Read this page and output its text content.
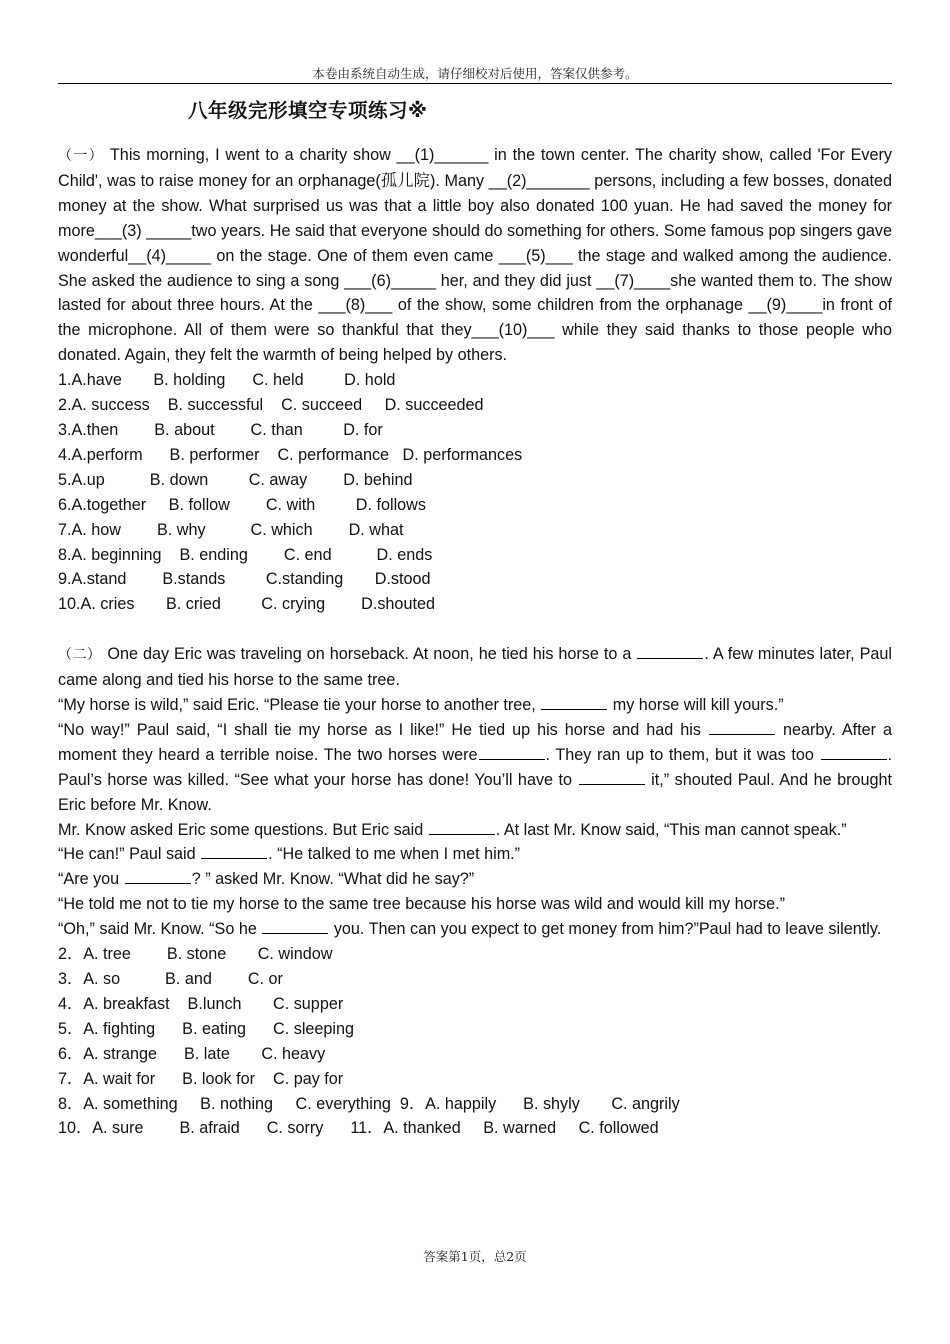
本卷由系统自动生成，请仔细校对后使用，答案仅供参考。
八年级完形填空专项练习※

（一） This morning, I went to a charity show __(1)______ in the town center. The charity show, called 'For Every Child', was to raise money for an orphanage(孤儿院). Many __(2)_______ persons, including a few bosses, donated money at the show. What surprised us was that a little boy also donated 100 yuan. He had saved the money for more___(3) _____two years. He said that everyone should do something for others. Some famous pop singers gave wonderful__(4)_____ on the stage. One of them even came ___(5)___ the stage and walked among the audience. She asked the audience to sing a song ___(6)_____ her, and they did just __(7)____she wanted them to. The show lasted for about three hours. At the ___(8)___ of the show, some children from the orphanage __(9)____in front of the microphone. All of them were so thankful that they___(10)___ while they said thanks to those people who donated. Again, they felt the warmth of being helped by others.

1.A.have       B. holding      C. held         D. hold

2.A. success    B. successful    C. succeed     D. succeeded

3.A.then        B. about        C. than         D. for

4.A.perform      B. performer    C. performance   D. performances

5.A.up          B. down         C. away        D. behind

6.A.together     B. follow        C. with         D. follows

7.A. how        B. why          C. which        D. what

8.A. beginning    B. ending        C. end          D. ends

9.A.stand        B.stands         C.standing       D.stood

10.A. cries       B. cried         C. crying        D.shouted

（二） One day Eric was traveling on horseback. At noon, he tied his horse to a	. A few minutes later, Paul came along and tied his horse to the same tree.

“My horse is wild,” said Eric. “Please tie your horse to another tree,	my horse will kill yours.”

“No way!” Paul said, “I shall tie my horse as I like!” He tied up his horse and had his	nearby. After a moment they heard a terrible noise. The two horses were	. They ran up to them, but it was too	. Paul’s horse was killed. “See what your horse has done! You’ll have to	it,” shouted Paul. And he brought Eric before Mr. Know.

Mr. Know asked Eric some questions. But Eric said	. At last Mr. Know said, “This man cannot speak.”

“He can!” Paul said	. “He talked to me when I met him.”

“Are you	? ” asked Mr. Know. “What did he say?”

“He told me not to tie my horse to the same tree because his horse was wild and would kill my horse.”

“Oh,” said Mr. Know. “So he	you. Then can you expect to get money from him?”Paul had to leave silently.

2．A. tree        B. stone       C. window

3．A. so          B. and        C. or

4．A. breakfast    B.lunch       C. supper

5．A. fighting      B. eating      C. sleeping

6．A. strange      B. late       C. heavy

7．A. wait for      B. look for    C. pay for

8．A. something     B. nothing     C. everything  9．A. happily      B. shyly       C. angrily

10．A. sure        B. afraid      C. sorry      11．A. thanked     B. warned     C. followed

答案第1页，总2页
